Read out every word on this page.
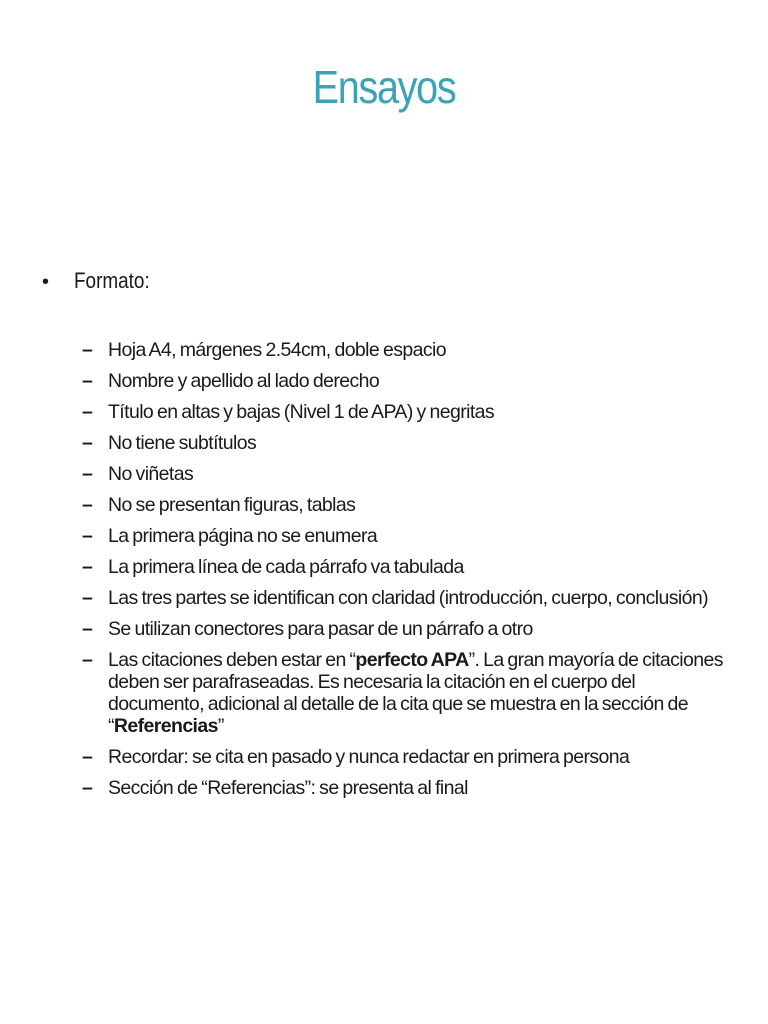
Ensayos
•	Formato:
– Hoja A4, márgenes 2.54cm, doble espacio
– Nombre y apellido al lado derecho
– Título en altas y bajas (Nivel 1 de APA) y negritas
– No tiene subtítulos
– No viñetas
– No se presentan figuras, tablas
– La primera página no se enumera
– La primera línea de cada párrafo va tabulada
– Las tres partes se identifican con claridad (introducción, cuerpo, conclusión)
– Se utilizan conectores para pasar de un párrafo a otro
– Las citaciones deben estar en “perfecto APA”. La gran mayoría de citaciones deben ser parafraseadas. Es necesaria la citación en el cuerpo del documento, adicional al detalle de la cita que se muestra en la sección de “Referencias”
– Recordar: se cita en pasado y nunca redactar en primera persona
– Sección de “Referencias”: se presenta al final
